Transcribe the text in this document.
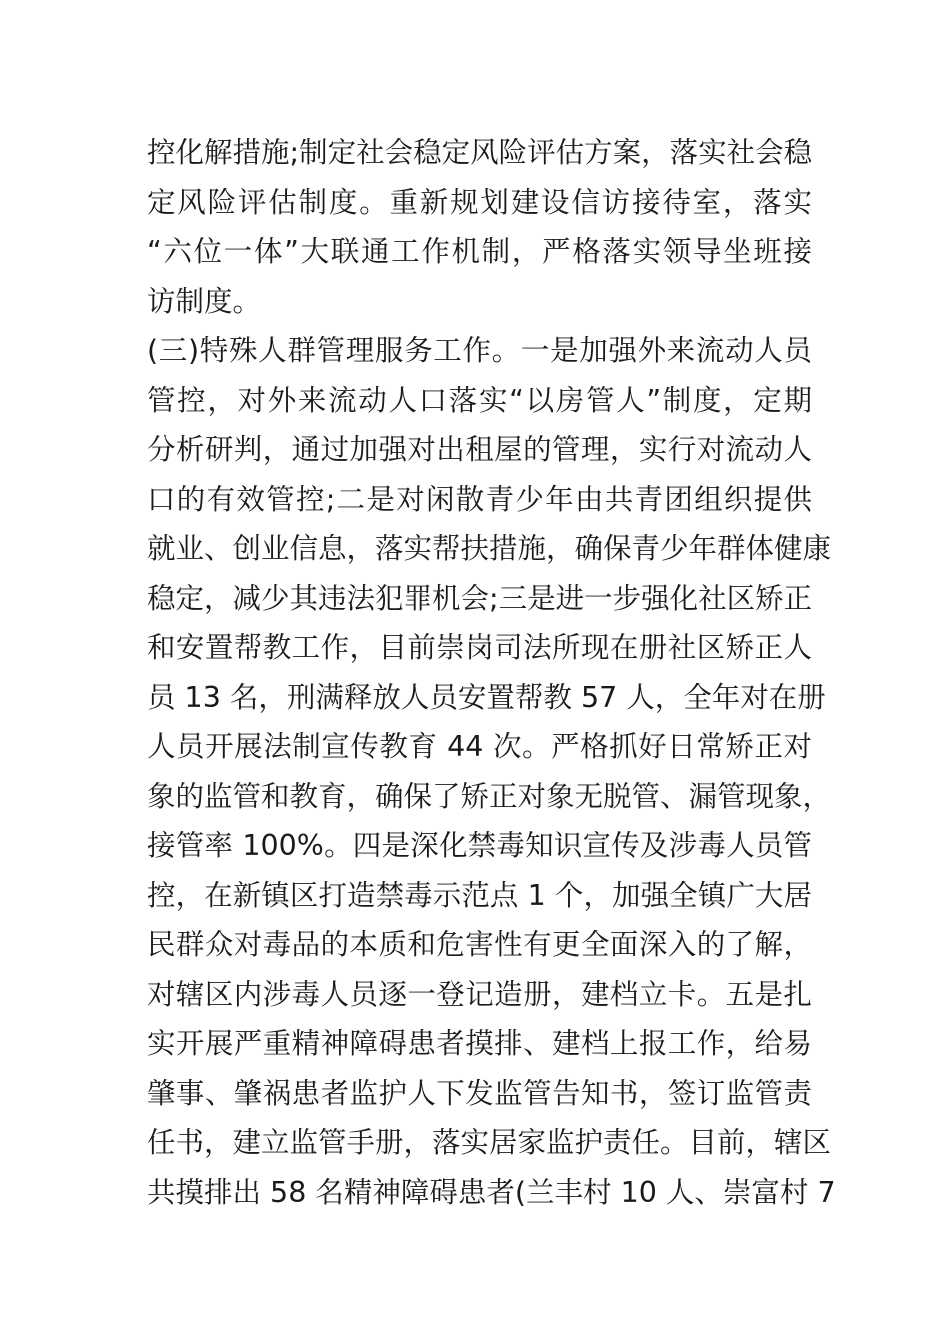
控化解措施;制定社会稳定风险评估方案，落实社会稳
定风险评估制度。重新规划建设信访接待室，落实
“六位一体”大联通工作机制，严格落实领导坐班接
访制度。
(三)特殊人群管理服务工作。一是加强外来流动人员
管控，对外来流动人口落实“以房管人”制度，定期
分析研判，通过加强对出租屋的管理，实行对流动人
口的有效管控;二是对闲散青少年由共青团组织提供
就业、创业信息，落实帮扶措施，确保青少年群体健康
稳定，减少其违法犯罪机会;三是进一步强化社区矫正
和安置帮教工作，目前崇岗司法所现在册社区矫正人
员 13 名，刑满释放人员安置帮教 57 人，全年对在册
人员开展法制宣传教育 44 次。严格抓好日常矫正对
象的监管和教育，确保了矫正对象无脱管、漏管现象，
接管率 100%。四是深化禁毒知识宣传及涉毒人员管
控，在新镇区打造禁毒示范点 1 个，加强全镇广大居
民群众对毒品的本质和危害性有更全面深入的了解，
对辖区内涉毒人员逐一登记造册，建档立卡。五是扎
实开展严重精神障碍患者摸排、建档上报工作，给易
肇事、肇祸患者监护人下发监管告知书，签订监管责
任书，建立监管手册，落实居家监护责任。目前，辖区
共摸排出 58 名精神障碍患者(兰丰村 10 人、崇富村 7
